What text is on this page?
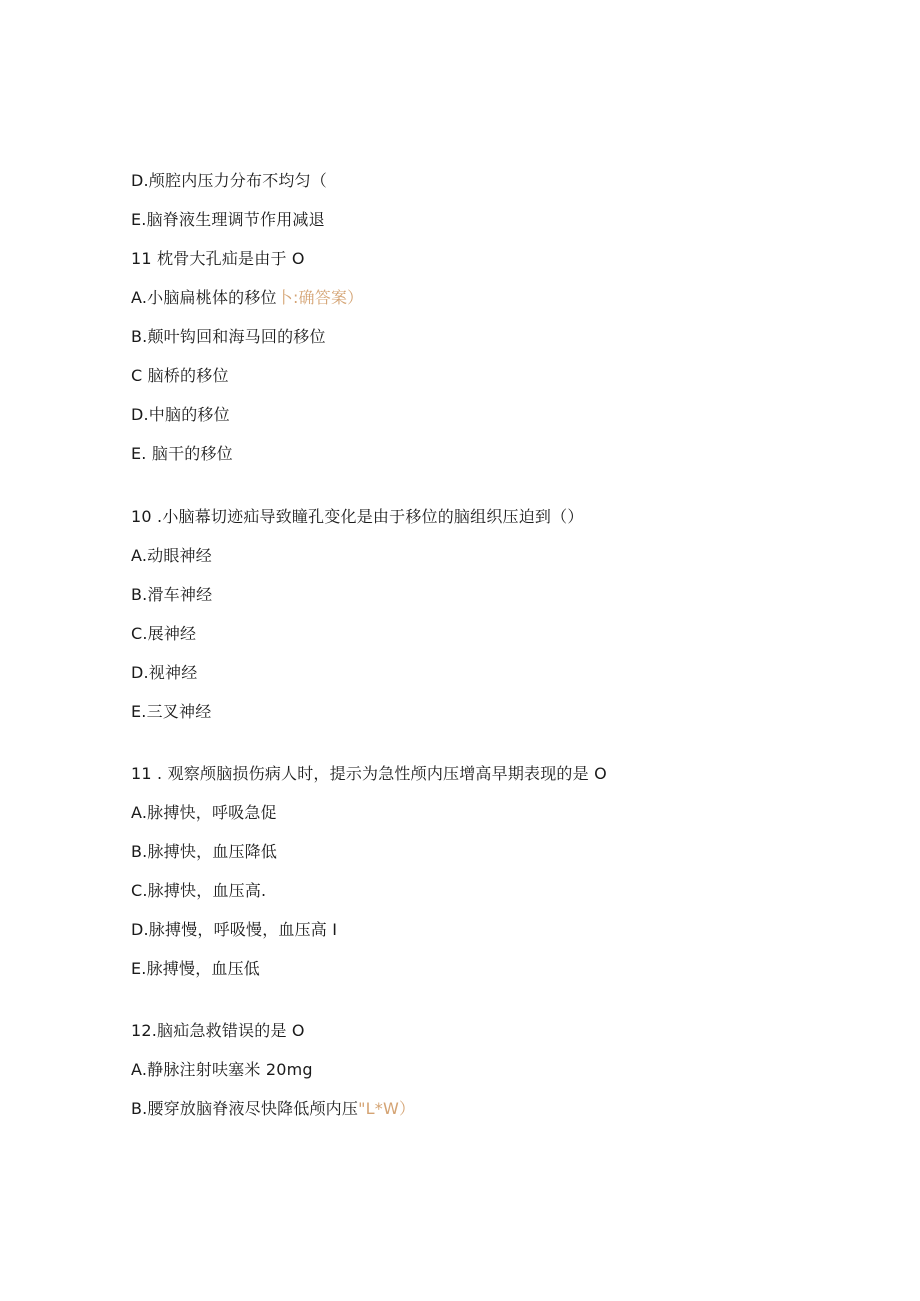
D.颅腔内压力分布不均匀（
E.脑脊液生理调节作用减退
11 枕骨大孔疝是由于 O
A.小脑扁桃体的移位卜:确答案）
B.颠叶钩回和海马回的移位
C 脑桥的移位
D.中脑的移位
E. 脑干的移位
10 .小脑幕切迹疝导致瞳孔变化是由于移位的脑组织压迫到（）
A.动眼神经
B.滑车神经
C.展神经
D.视神经
E.三叉神经
11 . 观察颅脑损伤病人时，提示为急性颅内压增高早期表现的是 O
A.脉搏快，呼吸急促
B.脉搏快，血压降低
C.脉搏快，血压高.
D.脉搏慢，呼吸慢，血压高 I
E.脉搏慢，血压低
12.脑疝急救错误的是 O
A.静脉注射呋塞米 20mg
B.腰穿放脑脊液尽快降低颅内压"L*W）
